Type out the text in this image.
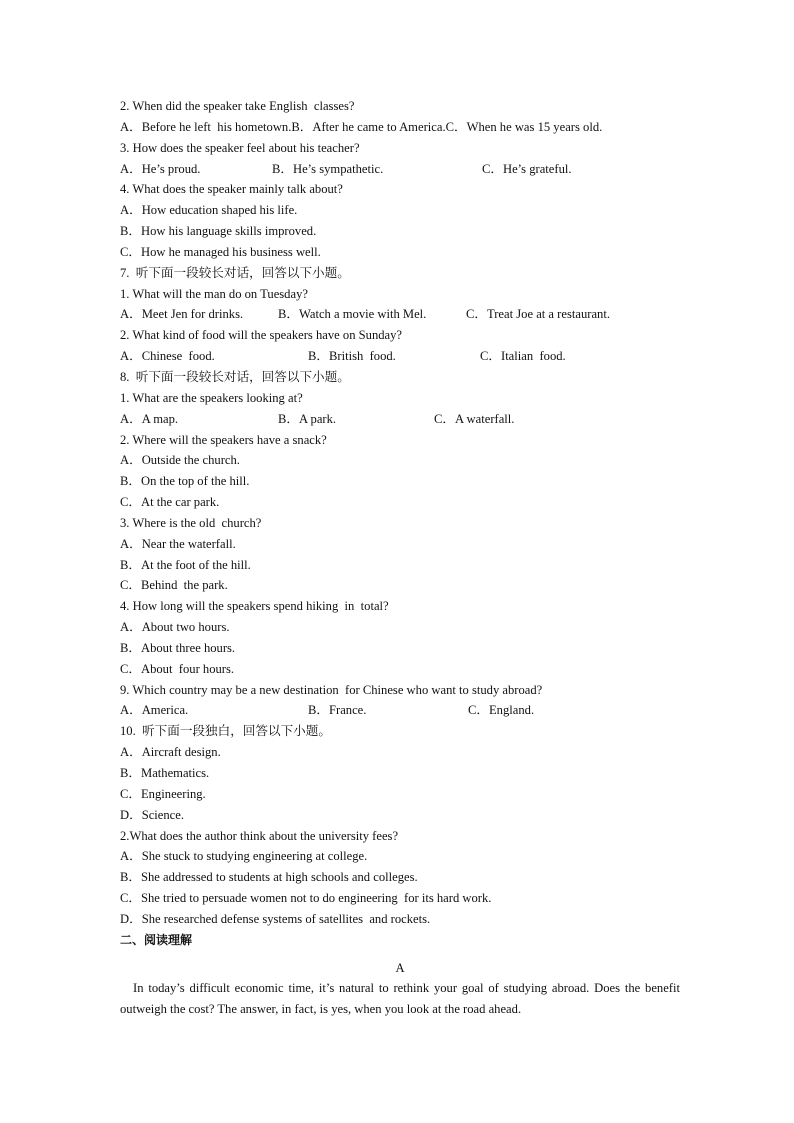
2. When did the speaker take English  classes?
A．Before he left  his hometown.B．After he came to America.C．When he was 15 years old.
3. How does the speaker feel about his teacher?
A．He’s proud.	B．He’s sympathetic.	C．He’s grateful.
4. What does the speaker mainly talk about?
A．How education shaped his life.
B．How his language skills improved.
C．How he managed his business well.
7.  听下面一段较长对话，回答以下小题。
1. What will the man do on Tuesday?
A．Meet Jen for drinks.	B．Watch a movie with Mel.	C．Treat Joe at a restaurant.
2. What kind of food will the speakers have on Sunday?
A．Chinese  food.	B．British  food.	C．Italian  food.
8.  听下面一段较长对话，回答以下小题。
1. What are the speakers looking at?
A．A map.	B．A park.	C．A waterfall.
2. Where will the speakers have a snack?
A．Outside the church.
B．On the top of the hill.
C．At the car park.
3. Where is the old  church?
A．Near the waterfall.
B．At the foot of the hill.
C．Behind  the park.
4. How long will the speakers spend hiking  in  total?
A．About two hours.
B．About three hours.
C．About  four hours.
9. Which country may be a new destination  for Chinese who want to study abroad?
A．America.	B．France.	C．England.
10.  听下面一段独白，回答以下小题。
A．Aircraft design.
B．Mathematics.
C．Engineering.
D．Science.
2.What does the author think about the university fees?
A．She stuck to studying engineering at college.
B．She addressed to students at high schools and colleges.
C．She tried to persuade women not to do engineering  for its hard work.
D．She researched defense systems of satellites  and rockets.
二、阅读理解
A
In today’s difficult economic time, it’s natural to rethink your goal of studying abroad. Does the benefit outweigh the cost? The answer, in fact, is yes, when you look at the road ahead.
